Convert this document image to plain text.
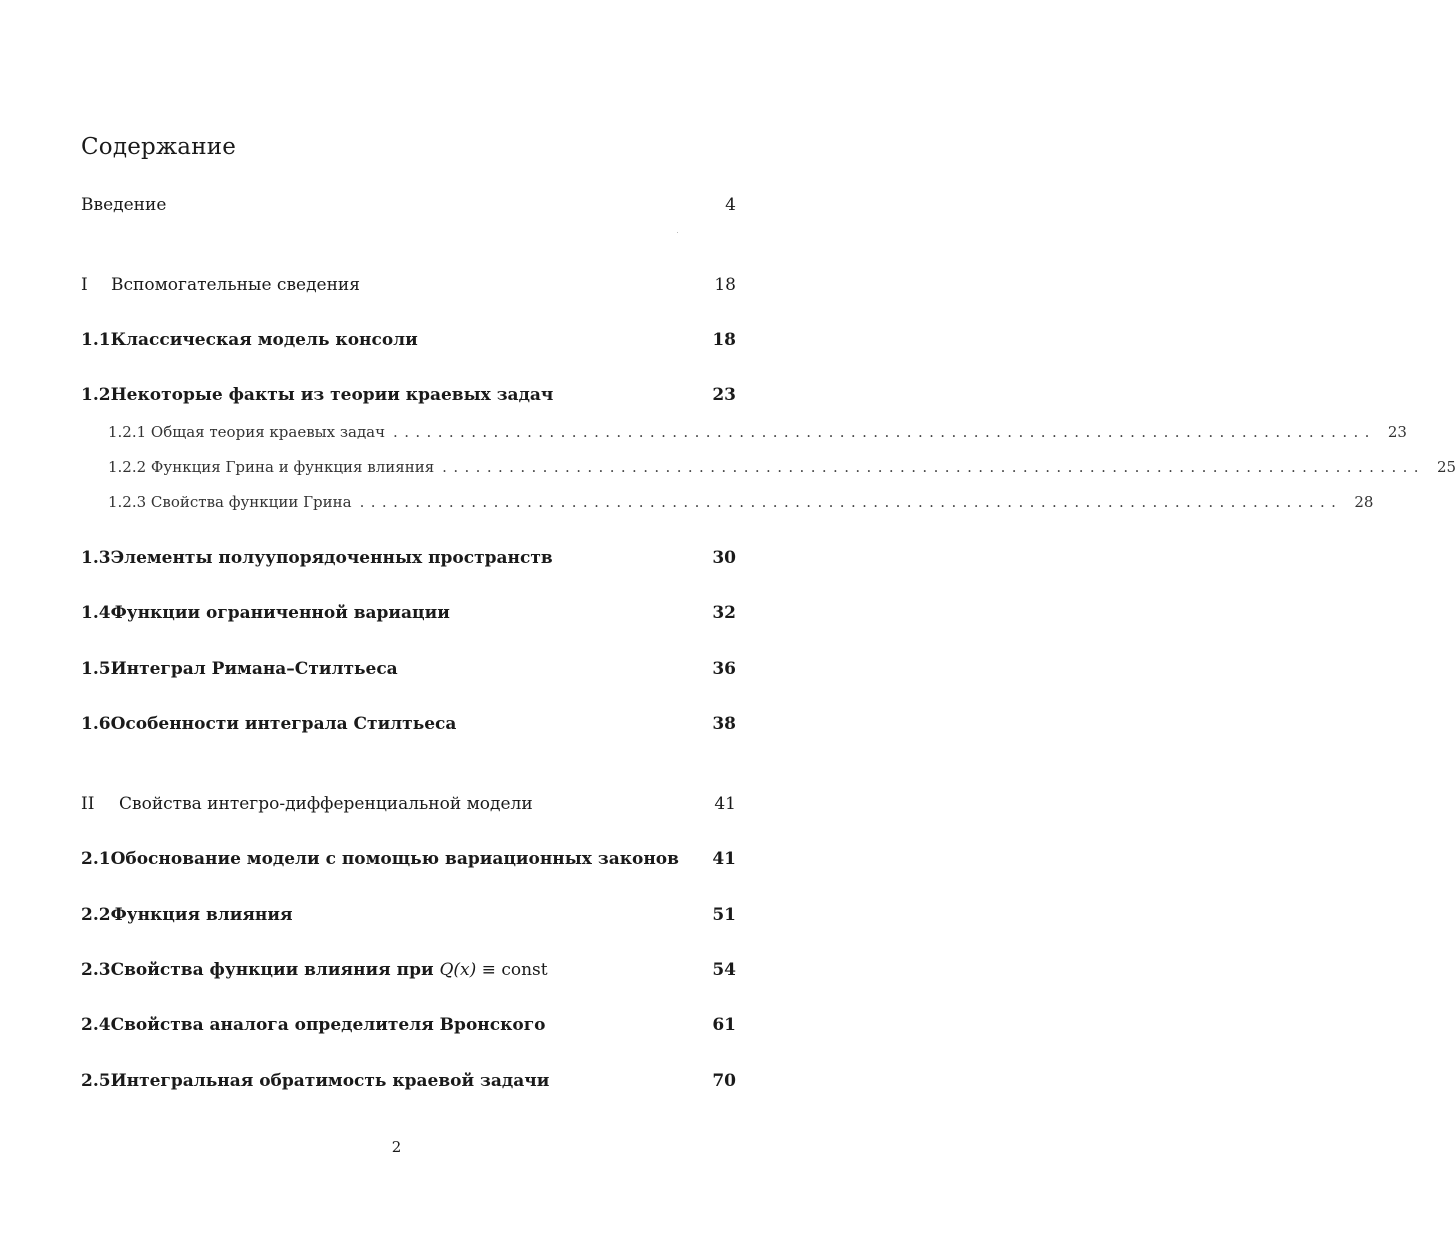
Содержание
Введение	4
I Вспомогательные сведения	18
1.1Классическая модель консоли	18
1.2Некоторые факты из теории краевых задач	23
1.2.1 Общая теория краевых задач ........................................................................................ 23
1.2.2 Функция Грина и функция влияния ........................................................................................ 25
1.2.3 Свойства функции Грина ........................................................................................ 28
1.3Элементы полуупорядоченных пространств	30
1.4Функции ограниченной вариации	32
1.5Интеграл Римана–Стилтьеса	36
1.6Особенности интеграла Стилтьеса	38
II Свойства интегро-дифференциальной модели	41
2.1Обоснование модели с помощью вариационных законов 41
2.2Функция влияния	51
2.3Свойства функции влияния при Q(x) ≡ const	54
2.4Свойства аналога определителя Вронского	61
2.5Интегральная обратимость краевой задачи	70
2
